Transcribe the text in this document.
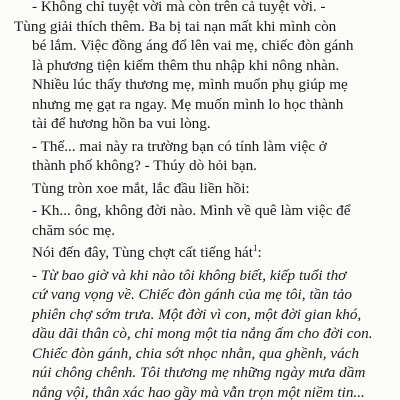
- Không chỉ tuyệt vời mà còn trên cả tuyệt vời. -
Tùng giải thích thêm. Ba bị tai nạn mất khi mình còn
bé lắm. Việc đồng áng đổ lên vai mẹ, chiếc đòn gánh
là phương tiện kiếm thêm thu nhập khi nông nhàn.
Nhiều lúc thấy thương mẹ, mình muốn phụ giúp mẹ
nhưng mẹ gạt ra ngay. Mẹ muốn mình lo học thành
tài để hương hồn ba vui lòng.

- Thế... mai này ra trường bạn có tính làm việc ở
thành phố không? - Thúy dò hỏi bạn.

Tùng tròn xoe mắt, lắc đầu liền hồi:

- Kh... ông, không đời nào. Mình về quê làm việc để
chăm sóc mẹ.

Nói đến đây, Tùng chợt cất tiếng hát$^1$:

- Từ bao giờ và khi nào tôi không biết, kiếp tuổi thơ
cứ vang vọng về. Chiếc đòn gánh của mẹ tôi, tần tảo
phiên chợ sớm trưa. Một đời vì con, một đời gian khó,
dầu dãi thân cò, chỉ mong một tia nắng ấm cho đời con.
Chiếc đòn gánh, chia sớt nhọc nhằn, qua ghềnh, vách
núi chông chênh. Tôi thương mẹ những ngày mưa dầm
nắng vội, thân xác hao gầy mà vẫn trọn một niềm tin...
